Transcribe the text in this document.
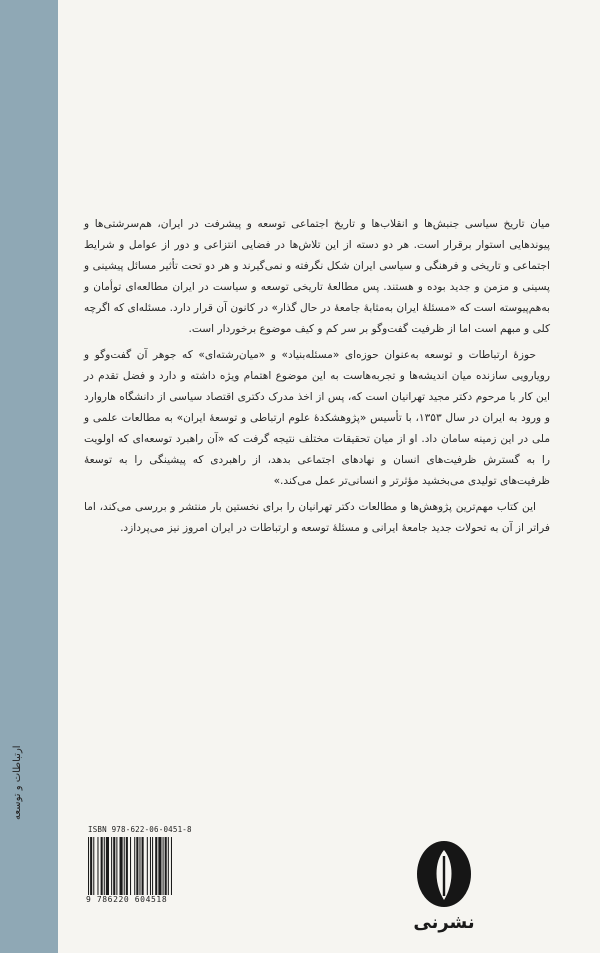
ارتباطات و توسعه

میان تاریخ سیاسی جنبش‌ها و انقلاب‌ها و تاریخ اجتماعی توسعه و پیشرفت در ایران، هم‌سرشتی‌ها و پیوندهایی استوار برقرار است. هر دو دسته از این تلاش‌ها در فضایی انتزاعی و دور از عوامل و شرایط اجتماعی و تاریخی و فرهنگی و سیاسی ایران شکل نگرفته و نمی‌گیرند و هر دو تحت تأثیر مسائل پیشینی و پسینی و مزمن و جدید بوده و هستند. پس مطالعهٔ تاریخی توسعه و سیاست در ایران مطالعه‌ای توأمان و به‌هم‌پیوسته است که «مسئلهٔ ایران به‌مثابهٔ جامعهٔ در حال گذار» در کانون آن قرار دارد. مسئله‌ای که اگرچه کلی و مبهم است اما از ظرفیت گفت‌وگو بر سر کم و کیف موضوع برخوردار است.

حوزهٔ ارتباطات و توسعه به‌عنوان حوزه‌ای «مسئله‌بنیاد» و «میان‌رشته‌ای» که جوهر آن گفت‌وگو و رویارویی سازنده میان اندیشه‌ها و تجربه‌هاست به این موضوع اهتمام ویژه داشته و دارد و فضل تقدم در این کار با مرحوم دکتر مجید تهرانیان است که، پس از اخذ مدرک دکتری اقتصاد سیاسی از دانشگاه هاروارد و ورود به ایران در سال ۱۳۵۳، با تأسیس «پژوهشکدهٔ علوم ارتباطی و توسعهٔ ایران» به مطالعات علمی و ملی در این زمینه سامان داد. او از میان تحقیقات مختلف نتیجه گرفت که «آن راهبرد توسعه‌ای که اولویت را به گسترش ظرفیت‌های انسان و نهادهای اجتماعی بدهد، از راهبردی که پیشینگی را به توسعهٔ ظرفیت‌های تولیدی می‌بخشید مؤثرتر و انسانی‌تر عمل می‌کند.»

این کتاب مهم‌ترین پژوهش‌ها و مطالعات دکتر تهرانیان را برای نخستین بار منتشر و بررسی می‌کند، اما فراتر از آن به تحولات جدید جامعهٔ ایرانی و مسئلهٔ توسعه و ارتباطات در ایران امروز نیز می‌پردازد.

ISBN 978-622-06-0451-8
9 786220 604518
نشرنی
